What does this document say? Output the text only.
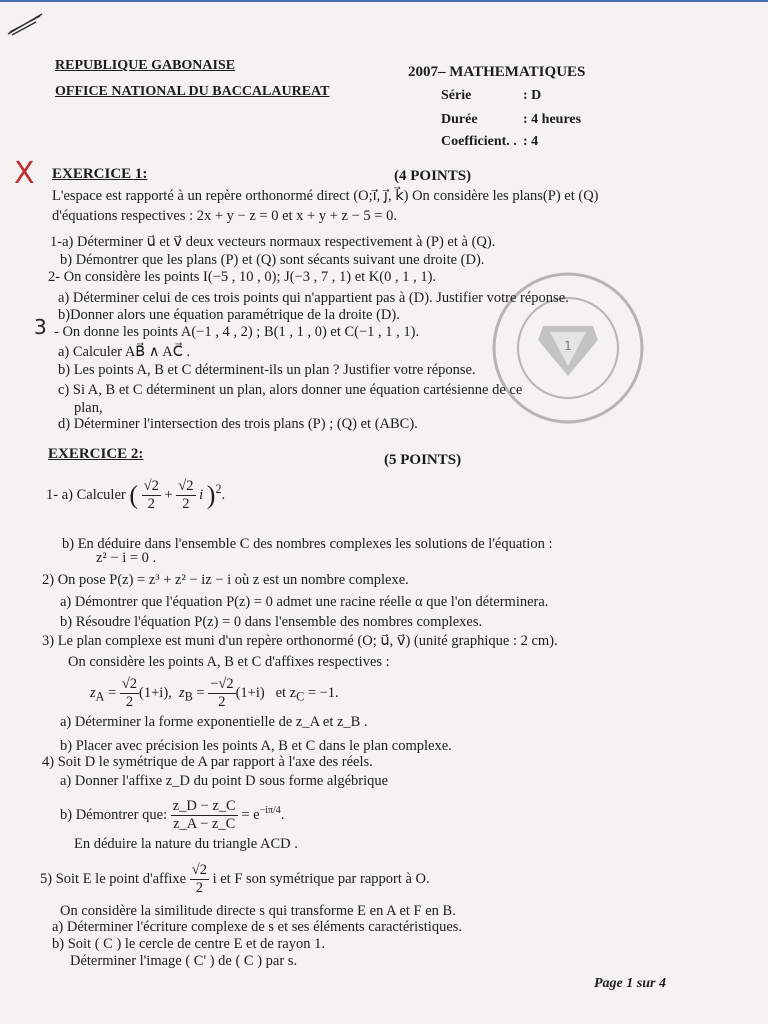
REPUBLIQUE GABONAISE
OFFICE NATIONAL DU BACCALAUREAT
2007– MATHEMATIQUES
Série	: D
Durée	: 4 heures
Coefficient. . : 4
X
3
1
EXERCICE 1:	(4 POINTS)
L'espace est rapporté à un repère orthonormé direct (O;i⃗, j⃗, k⃗) On considère les plans(P) et (Q)
d'équations respectives : 2x + y − z = 0 et x + y + z − 5 = 0.
1-a) Déterminer u⃗ et v⃗ deux vecteurs normaux respectivement à (P) et à (Q).
b) Démontrer que les plans (P) et (Q) sont sécants suivant une droite (D).
2- On considère les points I(−5 , 10 , 0); J(−3 , 7 , 1) et K(0 , 1 , 1).
a) Déterminer celui de ces trois points qui n'appartient pas à (D). Justifier votre réponse.
b)Donner alors une équation paramétrique de la droite (D).
- On donne les points A(−1 , 4 , 2) ; B(1 , 1 , 0) et C(−1 , 1 , 1).
a) Calculer AB⃗ ∧ AC⃗ .
b) Les points A, B et C déterminent-ils un plan ? Justifier votre réponse.
c) Si A, B et C déterminent un plan, alors donner une équation cartésienne de ce
plan,
d) Déterminer l'intersection des trois plans (P) ; (Q) et (ABC).
EXERCICE 2:	(5 POINTS)
1- a) Calculer ( $\frac{√2}{2} + \frac{√2}{2}$ i )$^2$.
b) En déduire dans l'ensemble C des nombres complexes les solutions de l'équation :
z² − i = 0 .
2) On pose P(z) = z³ + z² − iz − i où z est un nombre complexe.
a) Démontrer que l'équation P(z) = 0 admet une racine réelle α que l'on déterminera.
b) Résoudre l'équation P(z) = 0 dans l'ensemble des nombres complexes.
3) Le plan complexe est muni d'un repère orthonormé (O; u⃗, v⃗) (unité graphique : 2 cm).
On considère les points A, B et C d'affixes respectives :
$z_A = \frac{√2}{2} (1+i)$, $z_B = \frac{-√2}{2} (1+i)$ et $z_C = -1$.
a) Déterminer la forme exponentielle de z_A et z_B .
b) Placer avec précision les points A, B et C dans le plan complexe.
4) Soit D le symétrique de A par rapport à l'axe des réels.
a) Donner l'affixe z_D du point D sous forme algébrique
b) Démontrer que: $\frac{z\_D - z\_C}{z\_A - z\_C} = e^{-i\pi/4}$.
En déduire la nature du triangle ACD .
5) Soit E le point d'affixe $\frac{√2}{2}$ i et F son symétrique par rapport à O.
On considère la similitude directe s qui transforme E en A et F en B.
a) Déterminer l'écriture complexe de s et ses éléments caractéristiques.
b) Soit ( C ) le cercle de centre E et de rayon 1.
Déterminer l'image ( C' ) de ( C ) par s.
Page 1 sur 4
